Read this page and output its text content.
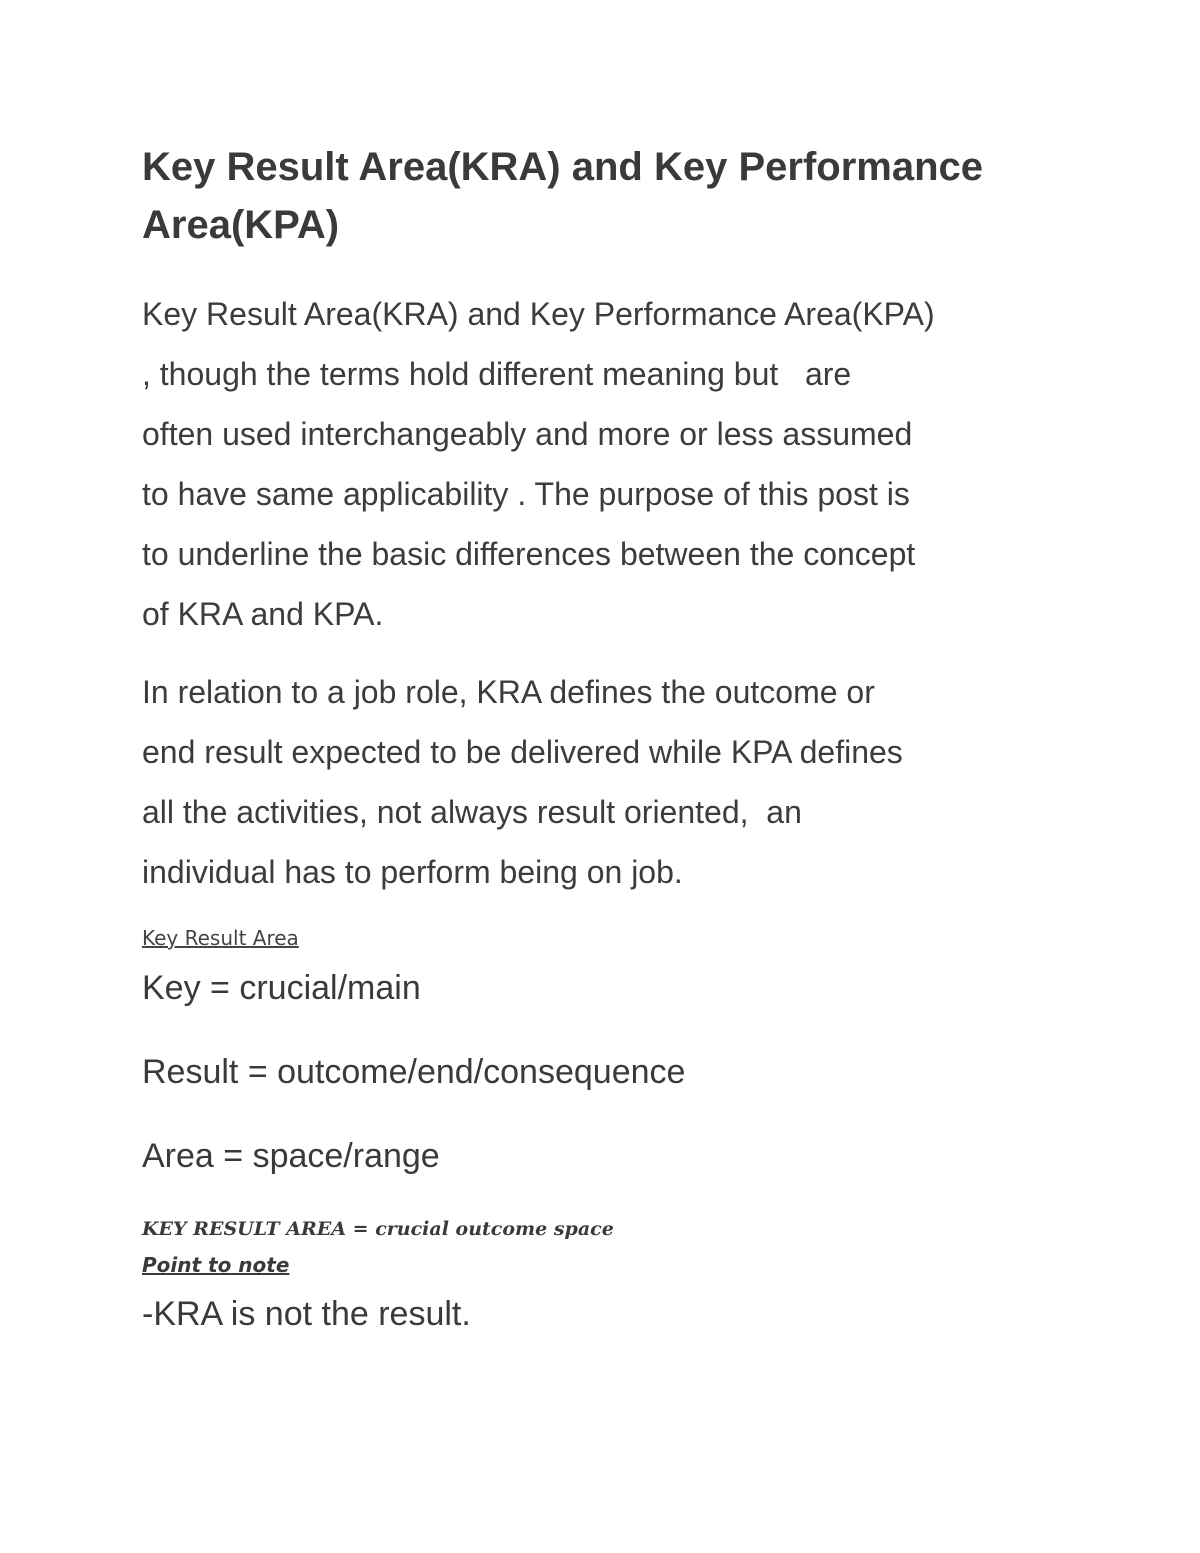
Key Result Area(KRA) and Key Performance
Area(KPA)

Key Result Area(KRA) and Key Performance Area(KPA)
, though the terms hold different meaning but   are
often used interchangeably and more or less assumed
to have same applicability . The purpose of this post is
to underline the basic differences between the concept
of KRA and KPA.

In relation to a job role, KRA defines the outcome or
end result expected to be delivered while KPA defines
all the activities, not always result oriented,  an
individual has to perform being on job.

Key Result Area

Key = crucial/main

Result = outcome/end/consequence

Area = space/range

KEY RESULT AREA = crucial outcome space

Point to note

-KRA is not the result.
